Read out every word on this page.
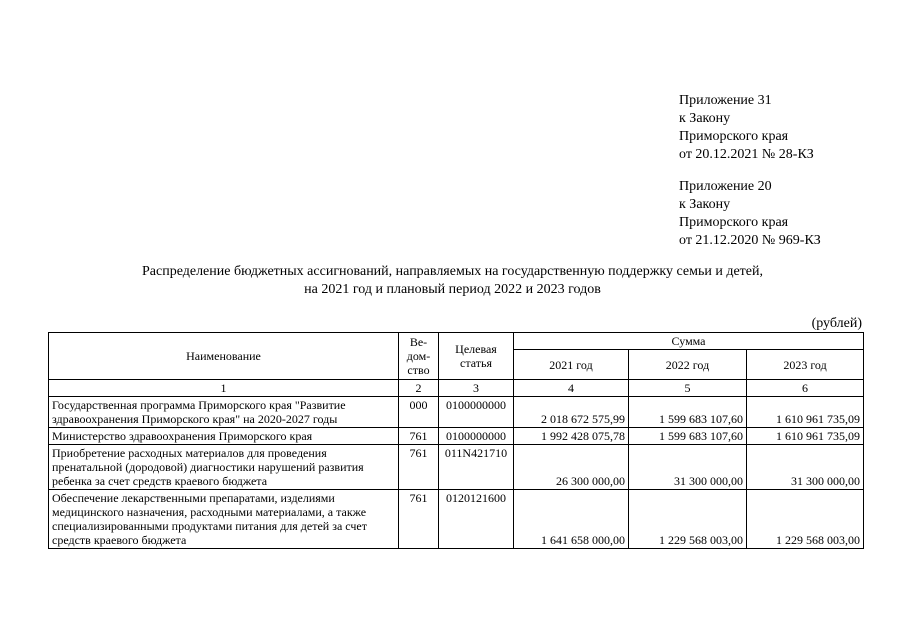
Приложение 31
к Закону
Приморского края
от 20.12.2021 № 28-КЗ
Приложение 20
к Закону
Приморского края
от 21.12.2020 № 969-КЗ
Распределение бюджетных ассигнований, направляемых на государственную поддержку семьи и детей,
на 2021 год и плановый период 2022 и 2023 годов
(рублей)
Наименование	Ве-дом-ство	Целевая статья	Сумма		
			2021 год	2022 год	2023 год
1	2	3	4	5	6
Государственная программа Приморского края "Развитие здравоохранения Приморского края" на 2020-2027 годы	000	0100000000	2 018 672 575,99	1 599 683 107,60	1 610 961 735,09
Министерство здравоохранения Приморского края	761	0100000000	1 992 428 075,78	1 599 683 107,60	1 610 961 735,09
Приобретение расходных материалов для проведения пренатальной (дородовой) диагностики нарушений развития ребенка за счет средств краевого бюджета	761	011N421710	26 300 000,00	31 300 000,00	31 300 000,00
Обеспечение лекарственными препаратами, изделиями медицинского назначения, расходными материалами, а также специализированными продуктами питания для детей за счет средств краевого бюджета	761	0120121600	1 641 658 000,00	1 229 568 003,00	1 229 568 003,00
